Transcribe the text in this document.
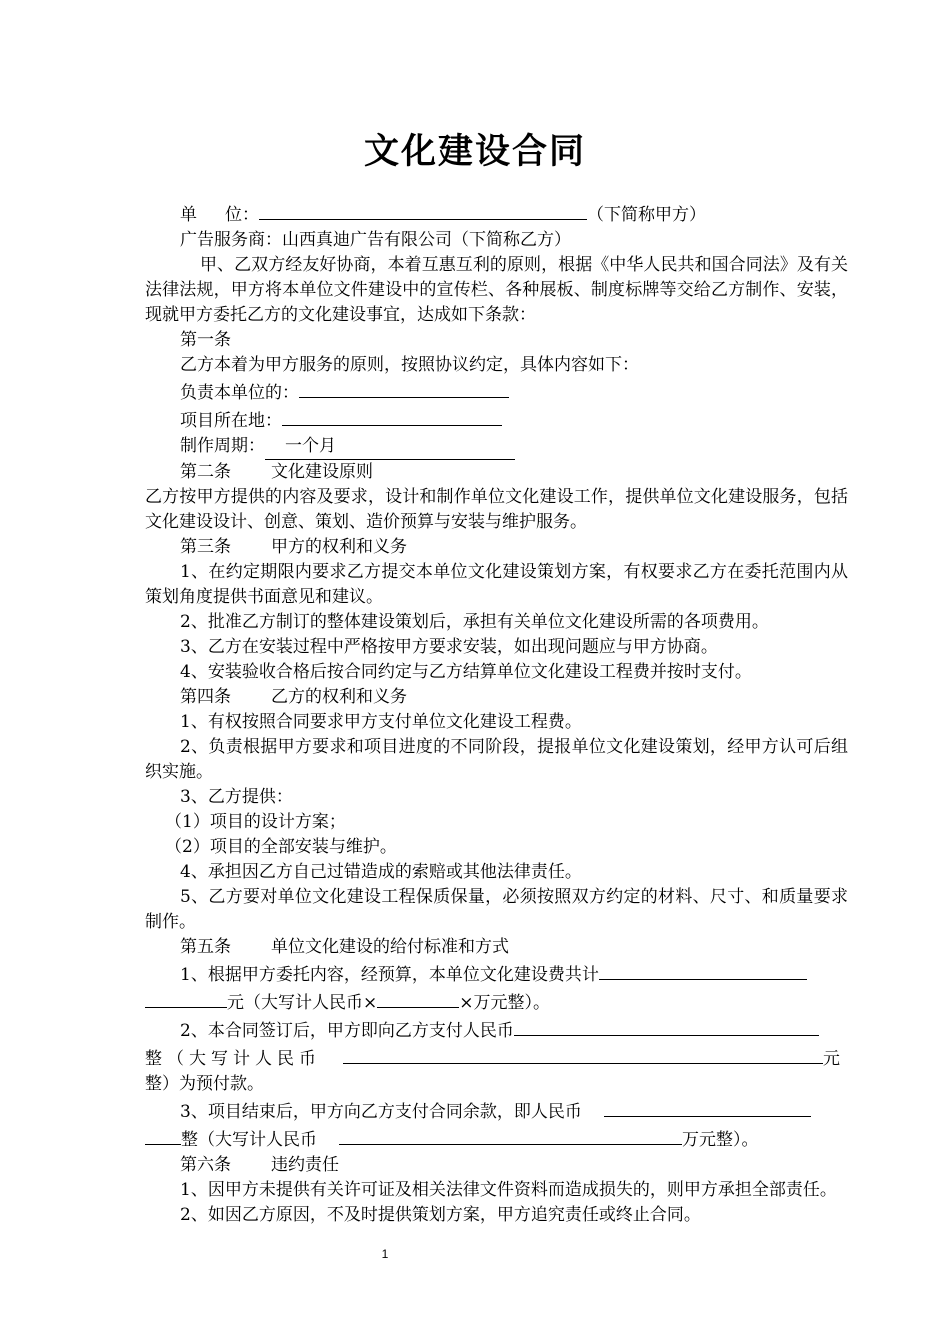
文化建设合同

单 位：	（下简称甲方）

广告服务商：山西真迪广告有限公司（下简称乙方）

甲、乙双方经友好协商，本着互惠互利的原则，根据《中华人民共和国合同法》及有关法律法规，甲方将本单位文件建设中的宣传栏、各种展板、制度标牌等交给乙方制作、安装，现就甲方委托乙方的文化建设事宜，达成如下条款：

第一条

乙方本着为甲方服务的原则，按照协议约定，具体内容如下：

负责本单位的：

项目所在地：

制作周期： 一个月

第二条 文化建设原则

乙方按甲方提供的内容及要求，设计和制作单位文化建设工作，提供单位文化建设服务，包括文化建设设计、创意、策划、造价预算与安装与维护服务。

第三条 甲方的权利和义务

1、在约定期限内要求乙方提交本单位文化建设策划方案，有权要求乙方在委托范围内从策划角度提供书面意见和建议。

2、批准乙方制订的整体建设策划后，承担有关单位文化建设所需的各项费用。

3、乙方在安装过程中严格按甲方要求安装，如出现问题应与甲方协商。

4、安装验收合格后按合同约定与乙方结算单位文化建设工程费并按时支付。

第四条 乙方的权利和义务

1、有权按照合同要求甲方支付单位文化建设工程费。

2、负责根据甲方要求和项目进度的不同阶段，提报单位文化建设策划，经甲方认可后组织实施。

3、乙方提供：

（1）项目的设计方案；

（2）项目的全部安装与维护。

4、承担因乙方自己过错造成的索赔或其他法律责任。

5、乙方要对单位文化建设工程保质保量，必须按照双方约定的材料、尺寸、和质量要求制作。

第五条 单位文化建设的给付标准和方式

1、根据甲方委托内容，经预算，本单位文化建设费共计

元（大写计人民币×	×万元整）。

2、本合同签订后，甲方即向乙方支付人民币

整（大写计人民币	元

整）为预付款。

3、项目结束后，甲方向乙方支付合同余款，即人民币

整（大写计人民币	万元整）。

第六条 违约责任

1、因甲方未提供有关许可证及相关法律文件资料而造成损失的，则甲方承担全部责任。

2、如因乙方原因，不及时提供策划方案，甲方追究责任或终止合同。

1
